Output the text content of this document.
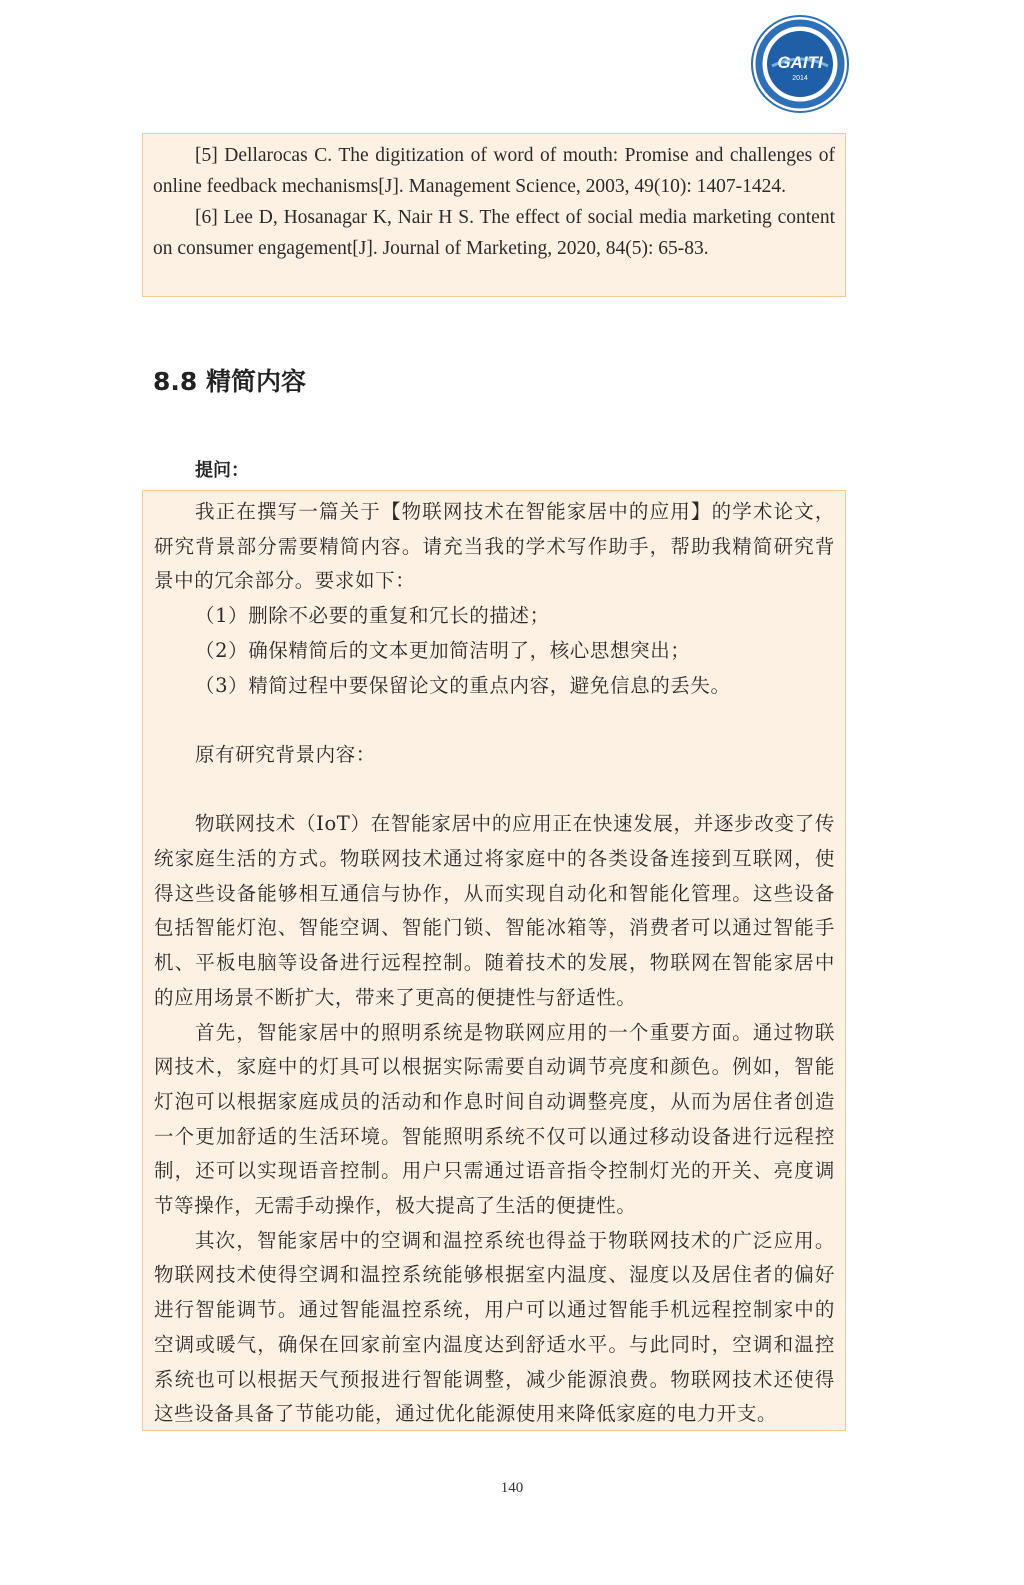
GAITI
2014

[5] Dellarocas C. The digitization of word of mouth: Promise and challenges of online feedback mechanisms[J]. Management Science, 2003, 49(10): 1407-1424.

[6] Lee D, Hosanagar K, Nair H S. The effect of social media marketing content on consumer engagement[J]. Journal of Marketing, 2020, 84(5): 65-83.

8.8 精简内容
提问：

我正在撰写一篇关于【物联网技术在智能家居中的应用】的学术论文，研究背景部分需要精简内容。请充当我的学术写作助手，帮助我精简研究背景中的冗余部分。要求如下：

（1）删除不必要的重复和冗长的描述；

（2）确保精简后的文本更加简洁明了，核心思想突出；

（3）精简过程中要保留论文的重点内容，避免信息的丢失。

原有研究背景内容：

物联网技术（IoT）在智能家居中的应用正在快速发展，并逐步改变了传统家庭生活的方式。物联网技术通过将家庭中的各类设备连接到互联网，使得这些设备能够相互通信与协作，从而实现自动化和智能化管理。这些设备包括智能灯泡、智能空调、智能门锁、智能冰箱等，消费者可以通过智能手机、平板电脑等设备进行远程控制。随着技术的发展，物联网在智能家居中的应用场景不断扩大，带来了更高的便捷性与舒适性。

首先，智能家居中的照明系统是物联网应用的一个重要方面。通过物联网技术，家庭中的灯具可以根据实际需要自动调节亮度和颜色。例如，智能灯泡可以根据家庭成员的活动和作息时间自动调整亮度，从而为居住者创造一个更加舒适的生活环境。智能照明系统不仅可以通过移动设备进行远程控制，还可以实现语音控制。用户只需通过语音指令控制灯光的开关、亮度调节等操作，无需手动操作，极大提高了生活的便捷性。

其次，智能家居中的空调和温控系统也得益于物联网技术的广泛应用。物联网技术使得空调和温控系统能够根据室内温度、湿度以及居住者的偏好进行智能调节。通过智能温控系统，用户可以通过智能手机远程控制家中的空调或暖气，确保在回家前室内温度达到舒适水平。与此同时，空调和温控系统也可以根据天气预报进行智能调整，减少能源浪费。物联网技术还使得这些设备具备了节能功能，通过优化能源使用来降低家庭的电力开支。

140
